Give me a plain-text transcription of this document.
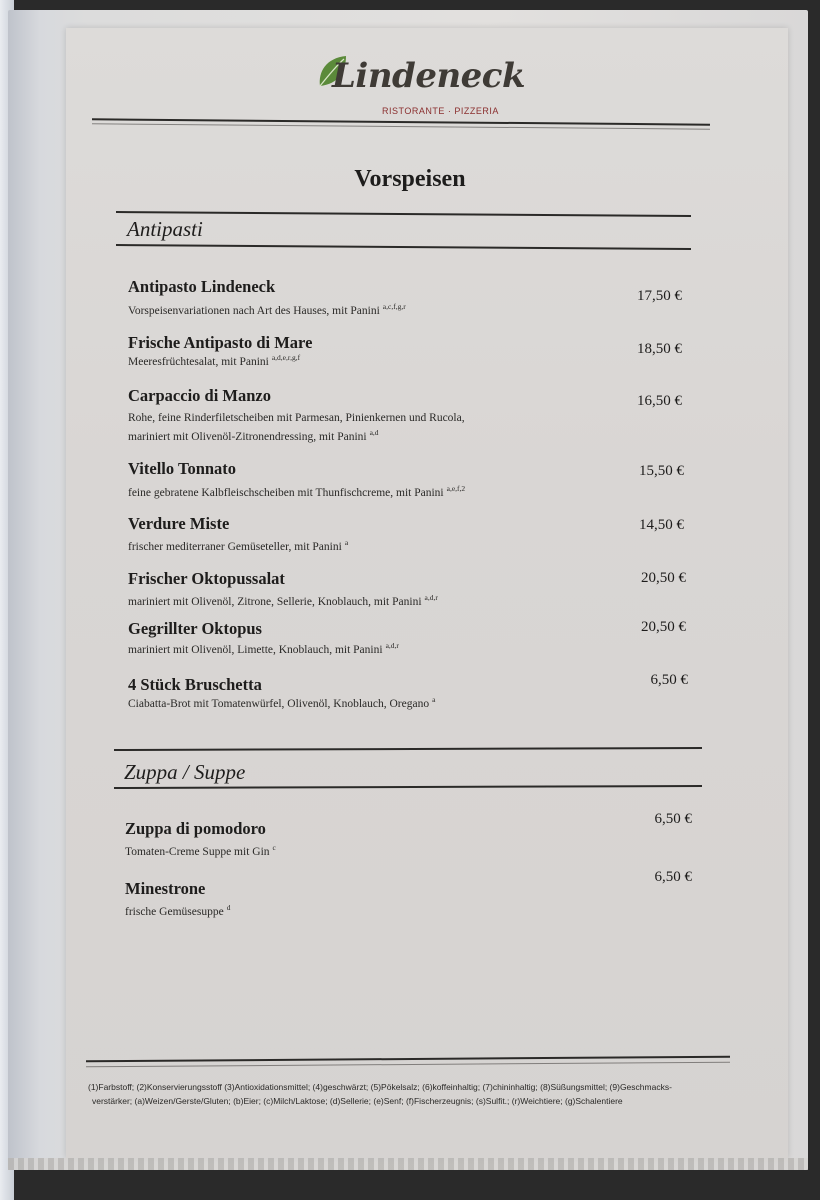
Lindeneck
RISTORANTE · PIZZERIA
Vorspeisen
Antipasti
Antipasto Lindeneck
Vorspeisenvariationen nach Art des Hauses, mit Panini $^{a,c,f,g,r}$
17,50 €
Frische Antipasto di Mare
Meeresfrüchtesalat, mit Panini $^{a,d,e,r,g,f}$
18,50 €
Carpaccio di Manzo
Rohe, feine Rinderfiletscheiben mit Parmesan, Pinienkernen und Rucola,
mariniert mit Olivenöl-Zitronendressing, mit Panini $^{a,d}$
16,50 €
Vitello Tonnato
feine gebratene Kalbfleischscheiben mit Thunfischcreme, mit Panini $^{a,e,f,2}$
15,50 €
Verdure Miste
frischer mediterraner Gemüseteller, mit Panini $^a$
14,50 €
Frischer Oktopussalat
mariniert mit Olivenöl, Zitrone, Sellerie, Knoblauch, mit Panini $^{a,d,r}$
20,50 €
Gegrillter Oktopus
mariniert mit Olivenöl, Limette, Knoblauch, mit Panini $^{a,d,r}$
20,50 €
4 Stück Bruschetta
Ciabatta-Brot mit Tomatenwürfel, Olivenöl, Knoblauch, Oregano $^a$
6,50 €
Zuppa / Suppe
Zuppa di pomodoro
Tomaten-Creme Suppe mit Gin $^c$
6,50 €
Minestrone
frische Gemüsesuppe $^d$
6,50 €
(1)Farbstoff; (2)Konservierungsstoff (3)Antioxidationsmittel; (4)geschwärzt; (5)Pökelsalz; (6)koffeinhaltig; (7)chininhaltig; (8)Süßungsmittel; (9)Geschmacks-
verstärker; (a)Weizen/Gerste/Gluten; (b)Eier; (c)Milch/Laktose; (d)Sellerie; (e)Senf; (f)Fischerzeugnis; (s)Sulfit.; (r)Weichtiere; (g)Schalentiere
